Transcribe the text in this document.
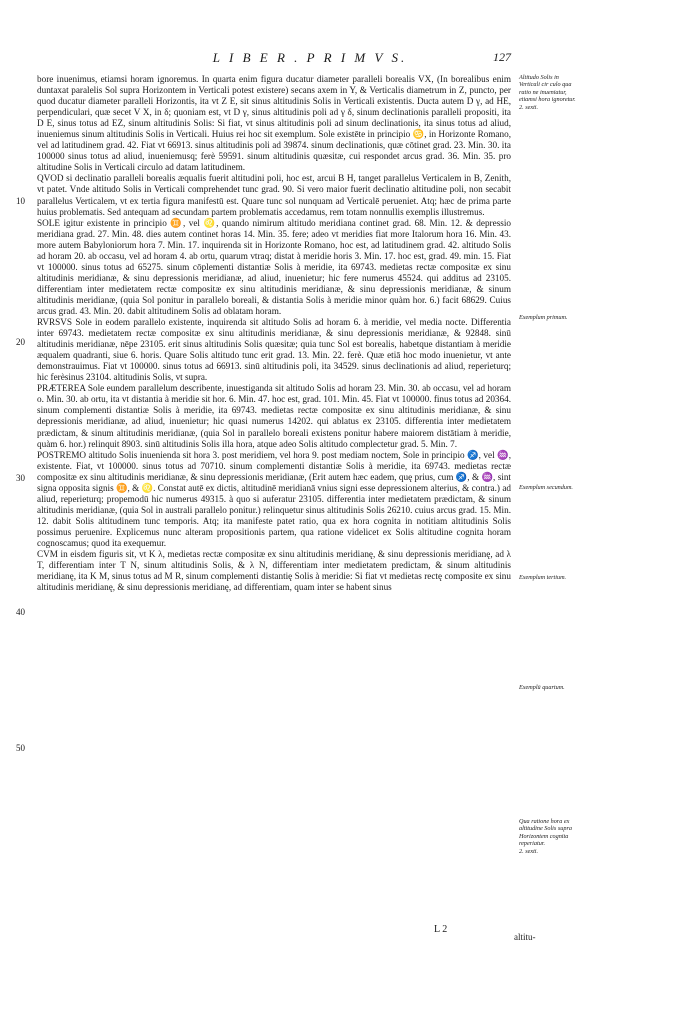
L I B E R . P R I M V S.	127
10
20
30
40
50

bore inuenimus, etiamsi horam ignoremus. In quarta enim figura ducatur diameter paralleli borealis VX, (In borealibus enim duntaxat paralelis Sol supra Horizontem in Verticali potest existere) secans axem in Y, & Verticalis diametrum in Z, puncto, per quod ducatur diameter paralleli Horizontis, ita vt Z E, sit sinus altitudinis Solis in Verticali existentis. Ducta autem D γ, ad HE, perpendiculari, quæ secet V X, in δ; quoniam est, vt D γ, sinus altitudinis poli ad γ δ, sinum declinationis paralleli propositi, ita D E, sinus totus ad EZ, sinum altitudinis Solis: Si fiat, vt sinus altitudinis poli ad sinum declinationis, ita sinus totus ad aliud, inueniemus sinum altitudinis Solis in Verticali. Huius rei hoc sit exemplum. Sole existēte in principio ♋, in Horizonte Romano, vel ad latitudinem grad. 42. Fiat vt 66913. sinus altitudinis poli ad 39874. sinum declinationis, quæ cōtinet grad. 23. Min. 30. ita 100000 sinus totus ad aliud, inueniemusq; ferè 59591. sinum altitudinis quæsitæ, cui respondet arcus grad. 36. Min. 35. pro altitudine Solis in Verticali circulo ad datam latitudinem.

QVOD si declinatio paralleli borealis æqualis fuerit altitudini poli, hoc est, arcui B H, tanget parallelus Verticalem in B, Zenith, vt patet. Vnde altitudo Solis in Verticali comprehendet tunc grad. 90. Si vero maior fuerit declinatio altitudine poli, non secabit parallelus Verticalem, vt ex tertia figura manifestū est. Quare tunc sol nunquam ad Verticalē perueniet. Atq; hæc de prima parte huius problematis. Sed antequam ad secundam partem problematis accedamus, rem totam nonnullis exemplis illustremus.

SOLE igitur existente in principio ♊, vel ♌, quando nimirum altitudo meridiana continet grad. 68. Min. 12. & depressio meridiana grad. 27. Min. 48. dies autem continet horas 14. Min. 35. fere; adeo vt meridies fiat more Italorum hora 16. Min. 43. more autem Babyloniorum hora 7. Min. 17. inquirenda sit in Horizonte Romano, hoc est, ad latitudinem grad. 42. altitudo Solis ad horam 20. ab occasu, vel ad horam 4. ab ortu, quarum vtraq; distat à meridie horis 3. Min. 17. hoc est, grad. 49. min. 15. Fiat vt 100000. sinus totus ad 65275. sinum cōplementi distantiæ Solis à meridie, ita 69743. medietas rectæ compositæ ex sinu altitudinis meridianæ, & sinu depressionis meridianæ, ad aliud, inuenietur; hic fere numerus 45524. qui additus ad 23105. differentiam inter medietatem rectæ compositæ ex sinu altitudinis meridianæ, & sinu depressionis meridianæ, & sinum altitudinis meridianæ, (quia Sol ponitur in parallelo boreali, & distantia Solis à meridie minor quàm hor. 6.) facit 68629. Cuius arcus grad. 43. Min. 20. dabit altitudinem Solis ad oblatam horam.

RVRSVS Sole in eodem parallelo existente, inquirenda sit altitudo Solis ad horam 6. à meridie, vel media nocte. Differentia inter 69743. medietatem rectæ compositæ ex sinu altitudinis meridianæ, & sinu depressionis meridianæ, & 92848. sinū altitudinis meridianæ, nēpe 23105. erit sinus altitudinis Solis quæsitæ; quia tunc Sol est borealis, habetque distantiam à meridie æqualem quadranti, siue 6. horis. Quare Solis altitudo tunc erit grad. 13. Min. 22. ferè. Quæ etiā hoc modo inuenietur, vt ante demonstrauimus. Fiat vt 100000. sinus totus ad 66913. sinū altitudinis poli, ita 34529. sinus declinationis ad aliud, reperieturq; hic ferèsinus 23104. altitudinis Solis, vt supra.

PRÆTEREA Sole eundem parallelum describente, inuestiganda sit altitudo Solis ad horam 23. Min. 30. ab occasu, vel ad horam o. Min. 30. ab ortu, ita vt distantia à meridie sit hor. 6. Min. 47. hoc est, grad. 101. Min. 45. Fiat vt 100000. finus totus ad 20364. sinum complementi distantiæ Solis à meridie, ita 69743. medietas rectæ compositæ ex sinu altitudinis meridianæ, & sinu depressionis meridianæ, ad aliud, inuenietur; hic quasi numerus 14202. qui ablatus ex 23105. differentia inter medietatem prædictam, & sinum altitudinis meridianæ, (quia Sol in parallelo boreali existens ponitur habere maiorem distātiam à meridie, quàm 6. hor.) relinquit 8903. sinū altitudinis Solis illa hora, atque adeo Solis altitudo complectetur grad. 5. Min. 7.

POSTREMO altitudo Solis inuenienda sit hora 3. post meridiem, vel hora 9. post mediam noctem, Sole in principio ♐, vel ♒, existente. Fiat, vt 100000. sinus totus ad 70710. sinum complementi distantiæ Solis à meridie, ita 69743. medietas rectæ compositæ ex sinu altitudinis meridianæ, & sinu depressionis meridianæ, (Erit autem hæc eadem, quę prius, cum ♐, & ♒, sint signa opposita signis ♊, & ♌. Constat autē ex dictis, altitudinē meridianā vnius signi esse depressionem alterius, & contra.) ad aliud, reperieturq; propemodū hic numerus 49315. à quo si auferatur 23105. differentia inter medietatem prædictam, & sinum altitudinis meridianæ, (quia Sol in australi parallelo ponitur.) relinquetur sinus altitudinis Solis 26210. cuius arcus grad. 15. Min. 12. dabit Solis altitudinem tunc temporis. Atq; ita manifeste patet ratio, qua ex hora cognita in notitiam altitudinis Solis possimus peruenire. Explicemus nunc alteram propositionis partem, qua ratione videlicet ex Solis altitudine cognita horam cognoscamus; quod ita exequemur.

CVM in eisdem figuris sit, vt K λ, medietas rectæ compositæ ex sinu altitudinis meridianę, & sinu depressionis meridianę, ad λ T, differentiam inter T N, sinum altitudinis Solis, & λ N, differentiam inter medietatem predictam, & sinum altitudinis meridianę, ita K M, sinus totus ad M R, sinum complementi distantię Solis à meridie: Si fiat vt medietas rectę composite ex sinu altitudinis meridianę, & sinu depressionis meridianę, ad differentiam, quam inter se habent sinus

Altitudo Solis in Verticali cir culo qua ratio ne inueniatur, etiamsi hora ignoretur.
2. sexti.
Exemplum primum.
Exemplum secundum.
Exemplum tertium.
Exemplū quartum.
Qua ratione hora ex altitudine Solis supra Horizontem cognita reperiatur.
2. sexti.
L 2
altitu-
